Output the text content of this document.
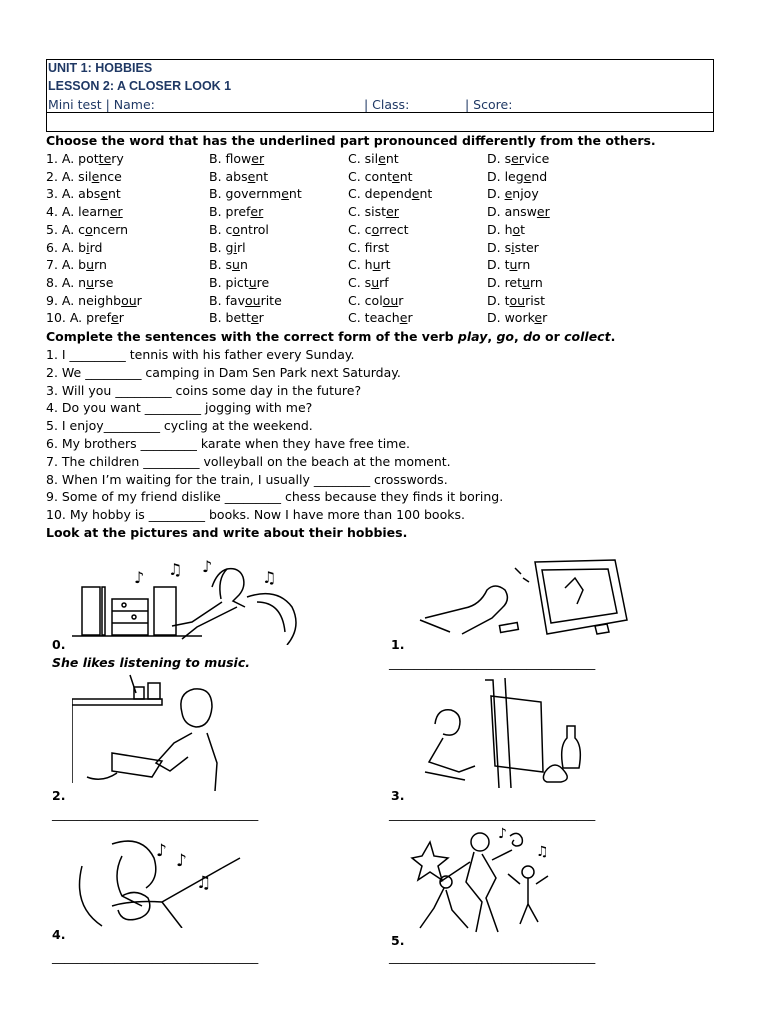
UNIT 1: HOBBIES
LESSON 2: A CLOSER LOOK 1
Mini test | Name:	| Class:	| Score:
Choose the word that has the underlined part pronounced differently from the others.
1. A. pottery	B. flower	C. silent	D. service
2. A. silence	B. absent	C. content	D. legend
3. A. absent	B. government	C. dependent	D. enjoy
4. A. learner	B. prefer	C. sister	D. answer
5. A. concern	B. control	C. correct	D. hot
6. A. bird	B. girl	C. frst	D. sister
7. A. burn	B. sun	C. hurt	D. turn
8. A. nurse	B. picture	C. surf	D. return
9. A. neighbour	B. favourite	C. colour	D. tourist
10. A. prefer	B. better	C. teacher	D. worker
Complete the sentences with the correct form of the verb play, go, do or collect.
1. I _________ tennis with his father every Sunday.
2. We _________ camping in Dam Sen Park next Saturday.
3. Will you _________ coins some day in the future?
4. Do you want _________ jogging with me?
5. I enjoy_________ cycling at the weekend.
6. My brothers _________ karate when they have free time.
7. The children _________ volleyball on the beach at the moment.
8. When I’m waiting for the train, I usually _________ crosswords.
9. Some of my friend dislike _________ chess because they finds it boring.
10. My hobby is _________ books. Now I have more than 100 books.
Look at the pictures and write about their hobbies.
♪ ♫ ♪
♫
0.
She likes listening to music.
1.
_________________________________
2.
_________________________________
3.
_________________________________
♪
♫
♪
4.
_________________________________
♪
♫
5.
_________________________________
